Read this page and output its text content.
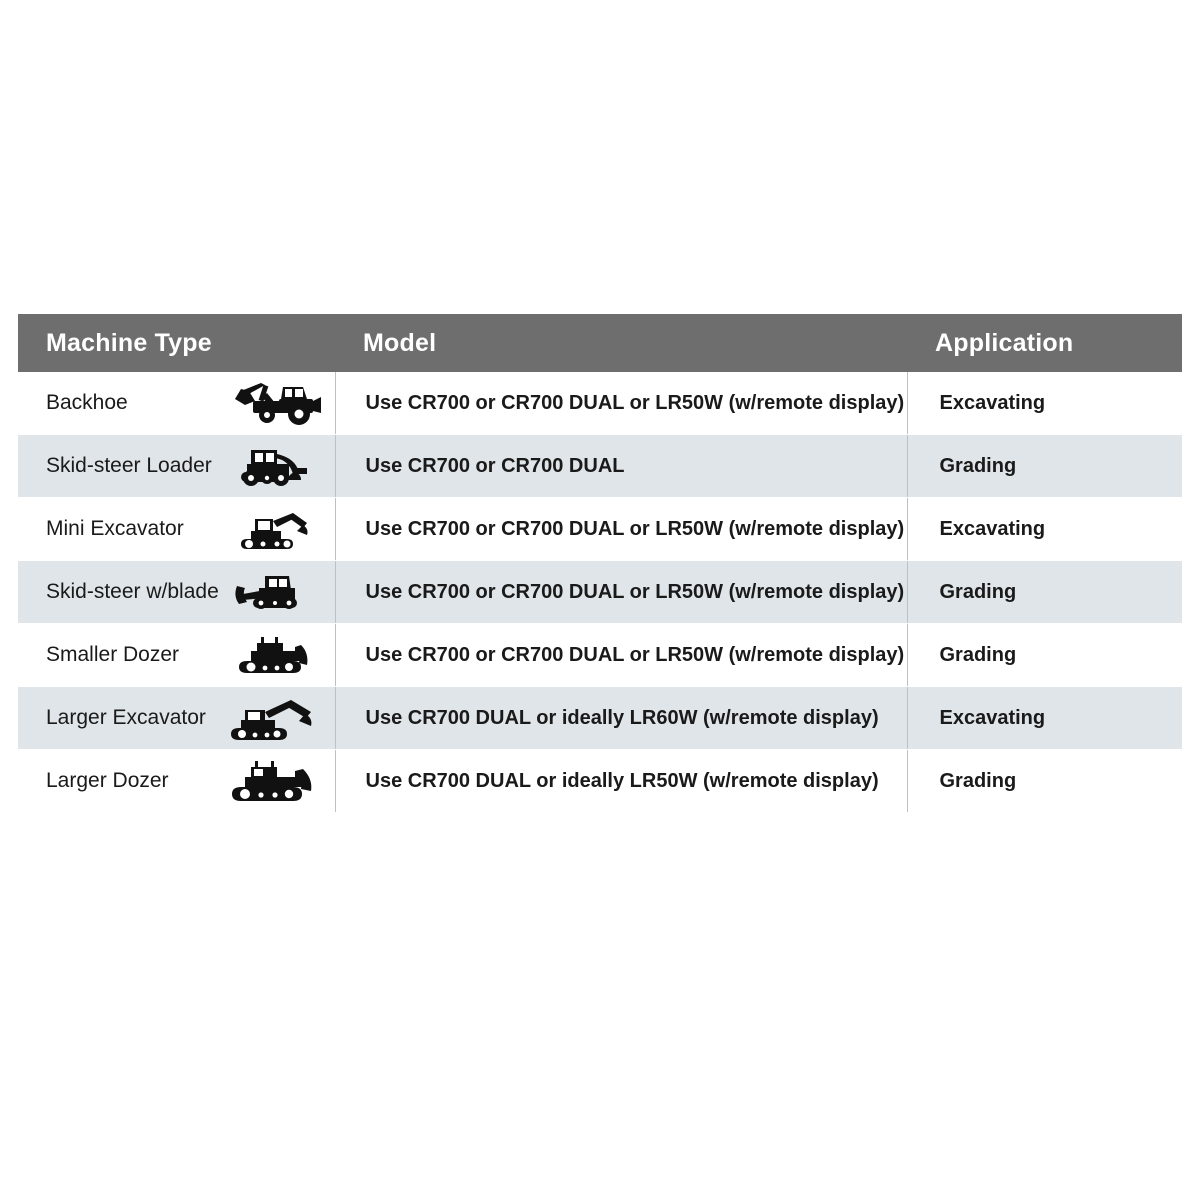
Machine Type	Model	Application

Backhoe	Use CR700 or CR700 DUAL or LR50W (w/remote display)	Excavating

Skid-steer Loader	Use CR700 or CR700 DUAL	Grading

Mini Excavator	Use CR700 or CR700 DUAL or LR50W (w/remote display)	Excavating

Skid-steer w/blade	Use CR700 or CR700 DUAL or LR50W (w/remote display)	Grading

Smaller Dozer	Use CR700 or CR700 DUAL or LR50W (w/remote display)	Grading

Larger Excavator	Use CR700 DUAL or ideally LR60W (w/remote display)	Excavating

Larger Dozer	Use CR700 DUAL or ideally LR50W (w/remote display)	Grading
